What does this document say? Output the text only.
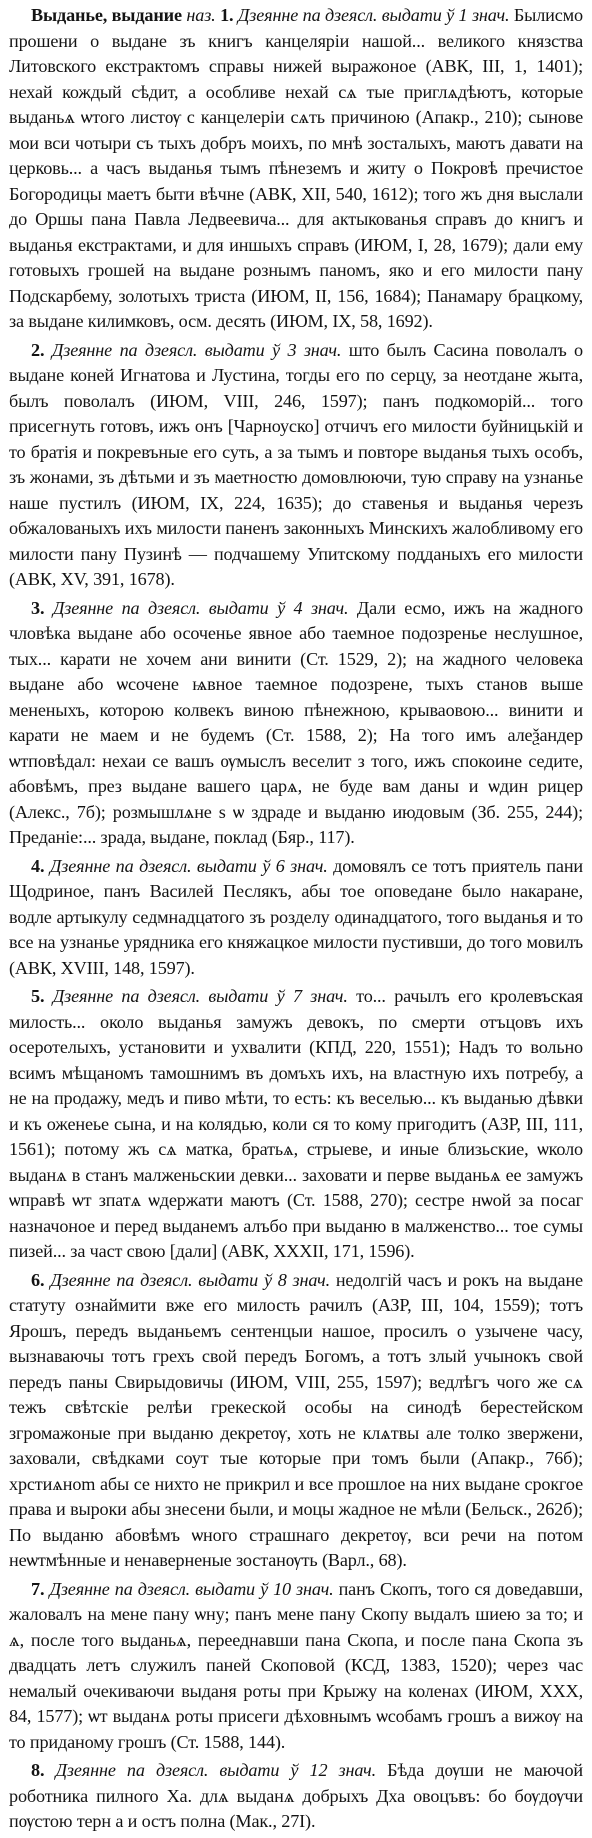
Выданье, выдание наз. 1. Дзеянне па дзеясл. выдати ў 1 знач. Былисмо прошени о выдане зъ книгъ канцелярiи нашой... великого князства Литовского екстрактомъ справы нижей выражоное (АВК, III, 1, 1401); нехай кождый сѣдит, а особливе нехай сѧ тые приглѧдѣютъ, которые выданьѧ ѡтого листѹ с канцелерiи сѧть причиною (Апакр., 210); сынове мои вси чотыри съ тыхъ добръ моихъ, по мнѣ зосталыхъ, маютъ давати на церковь... а часъ выданья тымъ пѣнеземъ и житу о Покровѣ пречистое Богородицы маетъ быти вѣчне (АВК, XII, 540, 1612); того жъ дня выслали до Оршы пана Павла Ледвеевича... для актыкованья справъ до книгъ и выданья екстрактами, и для иншыхъ справъ (ИЮМ, I, 28, 1679); дали ему готовыхъ грошей на выдане рознымъ паномъ, яко и его милости пану Подскарбему, золотыхъ триста (ИЮМ, II, 156, 1684); Панамару брацкому, за выдане килимковъ, осм. десять (ИЮМ, IX, 58, 1692).

2. Дзеянне па дзеясл. выдати ў 3 знач. што былъ Сасина поволалъ о выдане коней Игнатова и Лустина, тогды его по серцу, за неотдане жыта, былъ поволалъ (ИЮМ, VIII, 246, 1597); панъ подкоморiй... того присегнуть готовъ, ижъ онъ [Чарноуско] отчичъ его милости буйницькiй и то братiя и покревъные его суть, а за тымъ и повторе выданья тыхъ особъ, зъ жонами, зъ дѣтьми и зъ маетностю домовлюючи, тую справу на узнанье наше пустилъ (ИЮМ, IX, 224, 1635); до ставенья и выданья черезъ обжалованыхъ ихъ милости паненъ законныхъ Минскихъ жалобливому его милости пану Пузинѣ — подчашему Упитскому подданыхъ его милости (АВК, XV, 391, 1678).

3. Дзеянне па дзеясл. выдати ў 4 знач. Дали есмо, ижъ на жадного чловѣка выдане або осоченье явное або таемное подозренье неслушное, тых... карати не хочем ани винити (Ст. 1529, 2); на жадного человека выдане або ѡсочене ѩвное таемное подозрене, тыхъ станов выше менeныхъ, которою колвекъ виною пѣнежною, крываовою... винити и карати не маем и не будемъ (Ст. 1588, 2); На того имъ алеѯандер ѡтповѣдал: нехаи се вашъ ѹмыслъ веселит з того, ижъ спокоине седите, абовѣмъ, през выдане вашего царѧ, не буде вам даны и ѡдин рицер (Алекс., 7б); розмышлѧне ѕ ѡ здраде и выданю июдовым (Зб. 255, 244); Преданiе:... зрада, выдане, поклад (Бяр., 117).

4. Дзеянне па дзеясл. выдати ў 6 знач. домовялъ се тотъ приятель пани Щодриноe, панъ Василей Песлякъ, абы тое оповедане было накаране, водле артыкулу седмнадцатого зъ розделу одинадцатого, того выданья и то все на узнанье урядника его княжацкое милости пустивши, до того мовилъ (АВК, XVIII, 148, 1597).

5. Дзеянне па дзеясл. выдати ў 7 знач. то... рачылъ его кролевъская милость... около выданья замужъ девокъ, по смерти отъцовъ ихъ осеротелыхъ, установити и ухвалити (КПД, 220, 1551); Надъ то вольно всимъ мѣщаномъ тамошнимъ въ домъхъ ихъ, на властную ихъ потребу, а не на продажу, медъ и пиво мѣти, то есть: къ веселью... къ выданью дѣвки и къ оженеье сына, и на колядью, коли ся то кому пригодитъ (АЗР, III, 111, 1561); потому жъ сѧ матка, братьѧ, стрыеве, и иные близьскиe, ѡколо выданѧ в станъ малженьскии девки... заховати и перве выданьѧ ее замужъ ѡправѣ ѡт зпатѧ ѡдержати маютъ (Ст. 1588, 270); сестре нѡой за посаг назначоное и перед выданемъ алъбо при выданю в малженство... тое сумы пизей... за част свою [дали] (АВК, XXXII, 171, 1596).

6. Дзеянне па дзеясл. выдати ў 8 знач. недолгiй часъ и рокъ на выдане статуту ознаймити вже его милость рачилъ (АЗР, III, 104, 1559); тотъ Ярошъ, передъ выданьемъ сентенцыи нашое, просилъ о узычене часу, вызнаваючы тотъ грехъ свой передъ Богомъ, а тотъ злый учынокъ свой передъ паны Свирыдовичы (ИЮМ, VIII, 255, 1597); ведлѣгъ чого же сѧ тежъ свѣтскiе релѣи грекеской особы на синодѣ берестейском згромажоные при выданю декретѹ, хоть не клѧтвы але толко звержени, заховали, свѣдками соут тые которые при томъ были (Апакр., 76б); хрстиѧнom абы се нихто не прикрил и все прошлое на них выдане срокгое права и выроки абы знесени были, и моцы жадное не мѣли (Бельск., 262б); По выданю абовѣмъ ѡного страшнаго декретѹ, вси речи на потом неѡтмѣнные и ненавернeные зостанѹть (Варл., 68).

7. Дзеянне па дзеясл. выдати ў 10 знач. панъ Скопъ, того ся доведавши, жаловалъ на мене пану ѡнy; панъ мене пану Скопу выдалъ шиею за то; и ѧ, после того выданьѧ, перееднавши пана Скопа, и после пана Скопа зъ двадцать летъ служилъ паней Скоповой (КСД, 1383, 1520); через час немалый очекиваючи выданя роты при Крыжу на коленах (ИЮМ, XXX, 84, 1577); ѡт выданѧ роты присеги дѣховнымъ ѡсобамъ грошъ а вижѹ на то приданому грошъ (Ст. 1588, 144).

8. Дзеянне па дзеясл. выдати ў 12 знач. Бѣда дѹши не маючой роботника пилного Ха. длѧ выданѧ добрыхъ Дха овоцъвъ: бо бѹдѹчи пѹстою терн а и остъ полна (Мак., 27І).
